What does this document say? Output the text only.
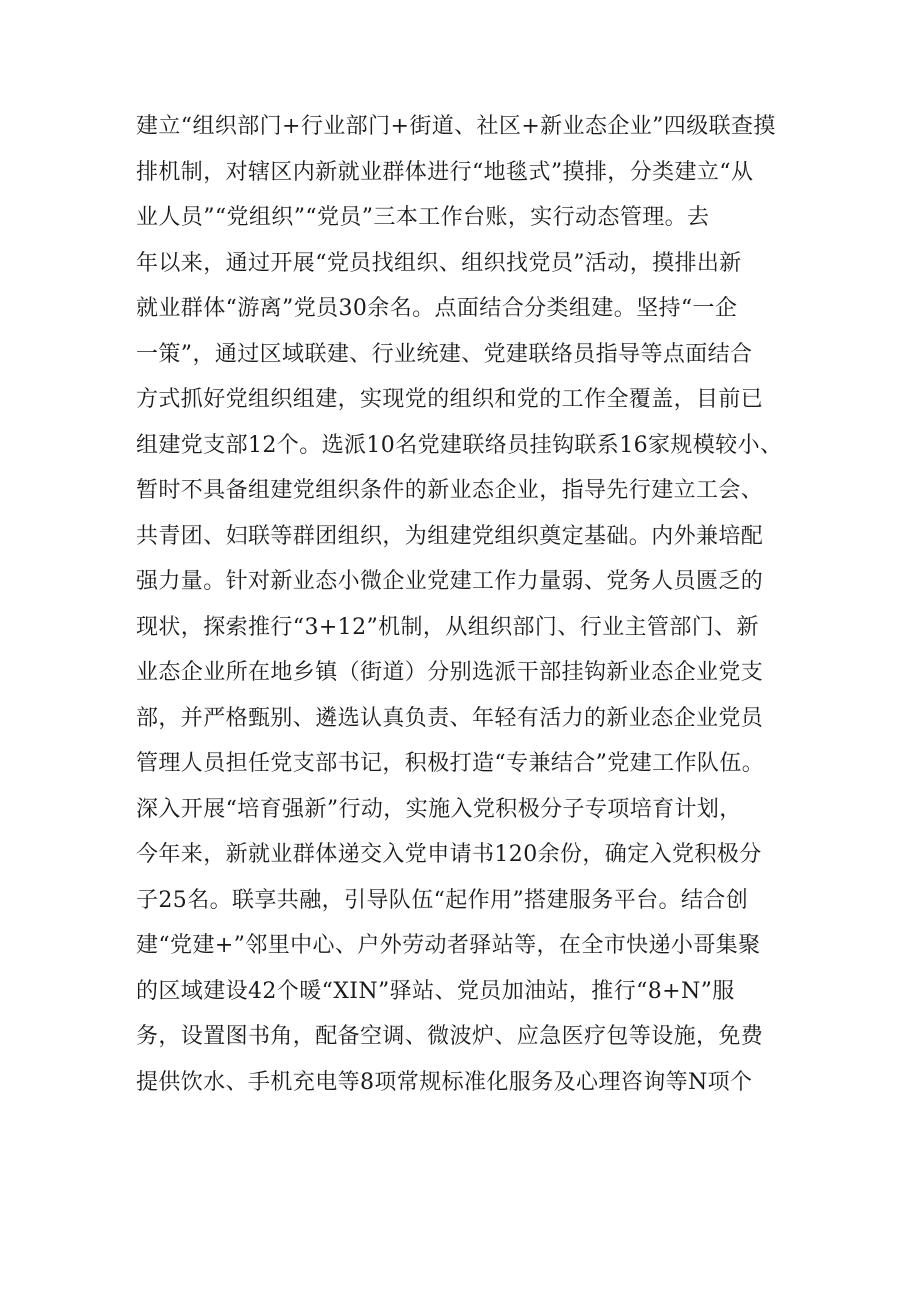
建立“组织部门+行业部门+街道、社区+新业态企业”四级联查摸
排机制，对辖区内新就业群体进行“地毯式”摸排，分类建立“从
业人员”“党组织”“党员”三本工作台账，实行动态管理。去
年以来，通过开展“党员找组织、组织找党员”活动，摸排出新
就业群体“游离”党员30余名。点面结合分类组建。坚持“一企
一策”，通过区域联建、行业统建、党建联络员指导等点面结合
方式抓好党组织组建，实现党的组织和党的工作全覆盖，目前已
组建党支部12个。选派10名党建联络员挂钩联系16家规模较小、
暂时不具备组建党组织条件的新业态企业，指导先行建立工会、
共青团、妇联等群团组织，为组建党组织奠定基础。内外兼培配
强力量。针对新业态小微企业党建工作力量弱、党务人员匮乏的
现状，探索推行“3+12”机制，从组织部门、行业主管部门、新
业态企业所在地乡镇（街道）分别选派干部挂钩新业态企业党支
部，并严格甄别、遴选认真负责、年轻有活力的新业态企业党员
管理人员担任党支部书记，积极打造“专兼结合”党建工作队伍。
深入开展“培育强新”行动，实施入党积极分子专项培育计划，
今年来，新就业群体递交入党申请书120余份，确定入党积极分
子25名。联享共融，引导队伍“起作用”搭建服务平台。结合创
建“党建+”邻里中心、户外劳动者驿站等，在全市快递小哥集聚
的区域建设42个暖“XIN”驿站、党员加油站，推行“8+N”服
务，设置图书角，配备空调、微波炉、应急医疗包等设施，免费
提供饮水、手机充电等8项常规标准化服务及心理咨询等N项个
